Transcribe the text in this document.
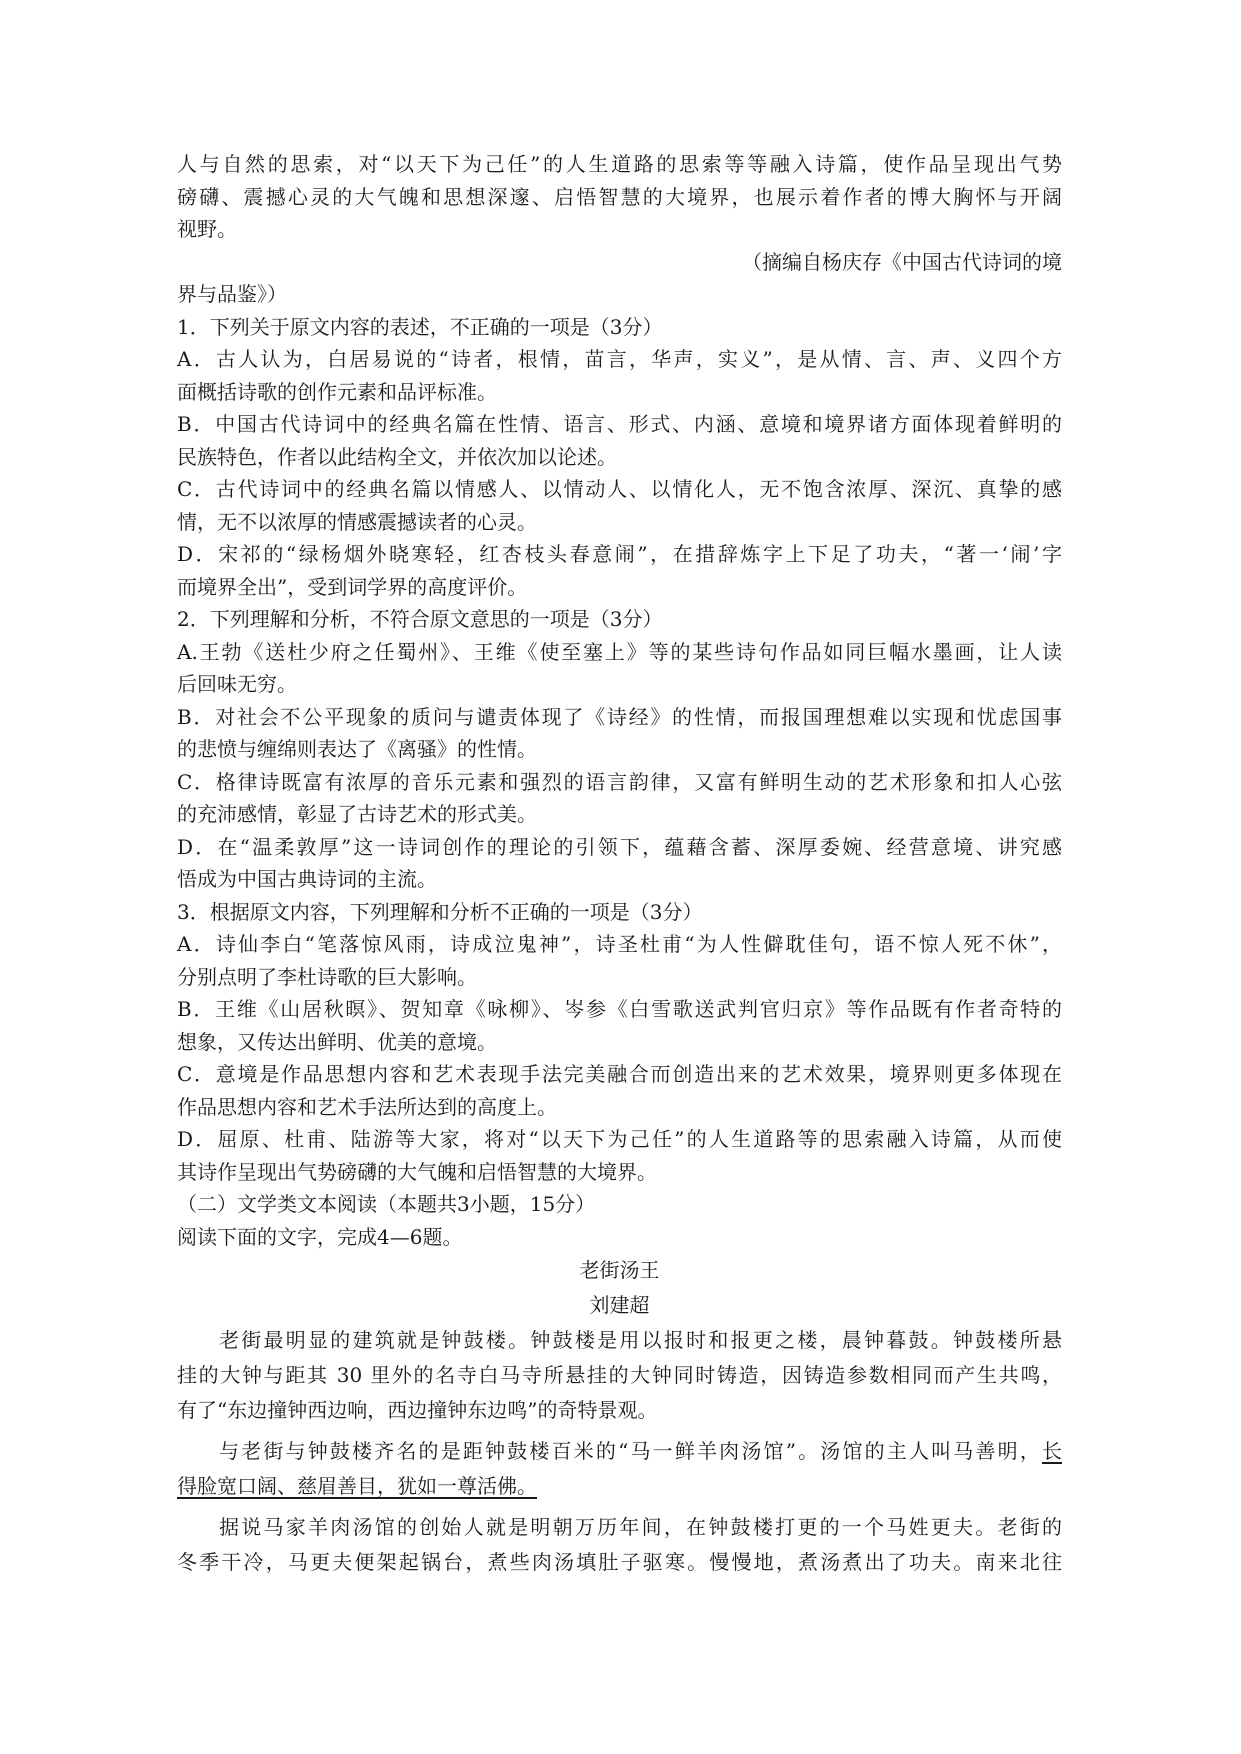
人与自然的思索，对“以天下为己任”的人生道路的思索等等融入诗篇，使作品呈现出气势
磅礴、震撼心灵的大气魄和思想深邃、启悟智慧的大境界，也展示着作者的博大胸怀与开阔
视野。
（摘编自杨庆存《中国古代诗词的境
界与品鉴》）
1．下列关于原文内容的表述，不正确的一项是（3分）
A．古人认为，白居易说的“诗者，根情，苗言，华声，实义”，是从情、言、声、义四个方
面概括诗歌的创作元素和品评标准。
B．中国古代诗词中的经典名篇在性情、语言、形式、内涵、意境和境界诸方面体现着鲜明的
民族特色，作者以此结构全文，并依次加以论述。
C．古代诗词中的经典名篇以情感人、以情动人、以情化人，无不饱含浓厚、深沉、真挚的感
情，无不以浓厚的情感震撼读者的心灵。
D．宋祁的“绿杨烟外晓寒轻，红杏枝头春意闹”，在措辞炼字上下足了功夫，“著一‘闹’字
而境界全出”，受到词学界的高度评价。
2．下列理解和分析，不符合原文意思的一项是（3分）
A.王勃《送杜少府之任蜀州》、王维《使至塞上》等的某些诗句作品如同巨幅水墨画，让人读
后回味无穷。
B．对社会不公平现象的质问与谴责体现了《诗经》的性情，而报国理想难以实现和忧虑国事
的悲愤与缠绵则表达了《离骚》的性情。
C．格律诗既富有浓厚的音乐元素和强烈的语言韵律，又富有鲜明生动的艺术形象和扣人心弦
的充沛感情，彰显了古诗艺术的形式美。
D．在“温柔敦厚”这一诗词创作的理论的引领下，蕴藉含蓄、深厚委婉、经营意境、讲究感
悟成为中国古典诗词的主流。
3．根据原文内容，下列理解和分析不正确的一项是（3分）
A．诗仙李白“笔落惊风雨，诗成泣鬼神”，诗圣杜甫“为人性僻耽佳句，语不惊人死不休”，
分别点明了李杜诗歌的巨大影响。
B．王维《山居秋暝》、贺知章《咏柳》、岑参《白雪歌送武判官归京》等作品既有作者奇特的
想象，又传达出鲜明、优美的意境。
C．意境是作品思想内容和艺术表现手法完美融合而创造出来的艺术效果，境界则更多体现在
作品思想内容和艺术手法所达到的高度上。
D．屈原、杜甫、陆游等大家，将对“以天下为己任”的人生道路等的思索融入诗篇，从而使
其诗作呈现出气势磅礴的大气魄和启悟智慧的大境界。
（二）文学类文本阅读（本题共3小题，15分）
阅读下面的文字，完成4—6题。
老街汤王
刘建超
老街最明显的建筑就是钟鼓楼。钟鼓楼是用以报时和报更之楼，晨钟暮鼓。钟鼓楼所悬
挂的大钟与距其 30 里外的名寺白马寺所悬挂的大钟同时铸造，因铸造参数相同而产生共鸣，
有了“东边撞钟西边响，西边撞钟东边鸣”的奇特景观。
与老街与钟鼓楼齐名的是距钟鼓楼百米的“马一鲜羊肉汤馆”。汤馆的主人叫马善明，长
得脸宽口阔、慈眉善目，犹如一尊活佛。
据说马家羊肉汤馆的创始人就是明朝万历年间，在钟鼓楼打更的一个马姓更夫。老街的
冬季干冷，马更夫便架起锅台，煮些肉汤填肚子驱寒。慢慢地，煮汤煮出了功夫。南来北往
